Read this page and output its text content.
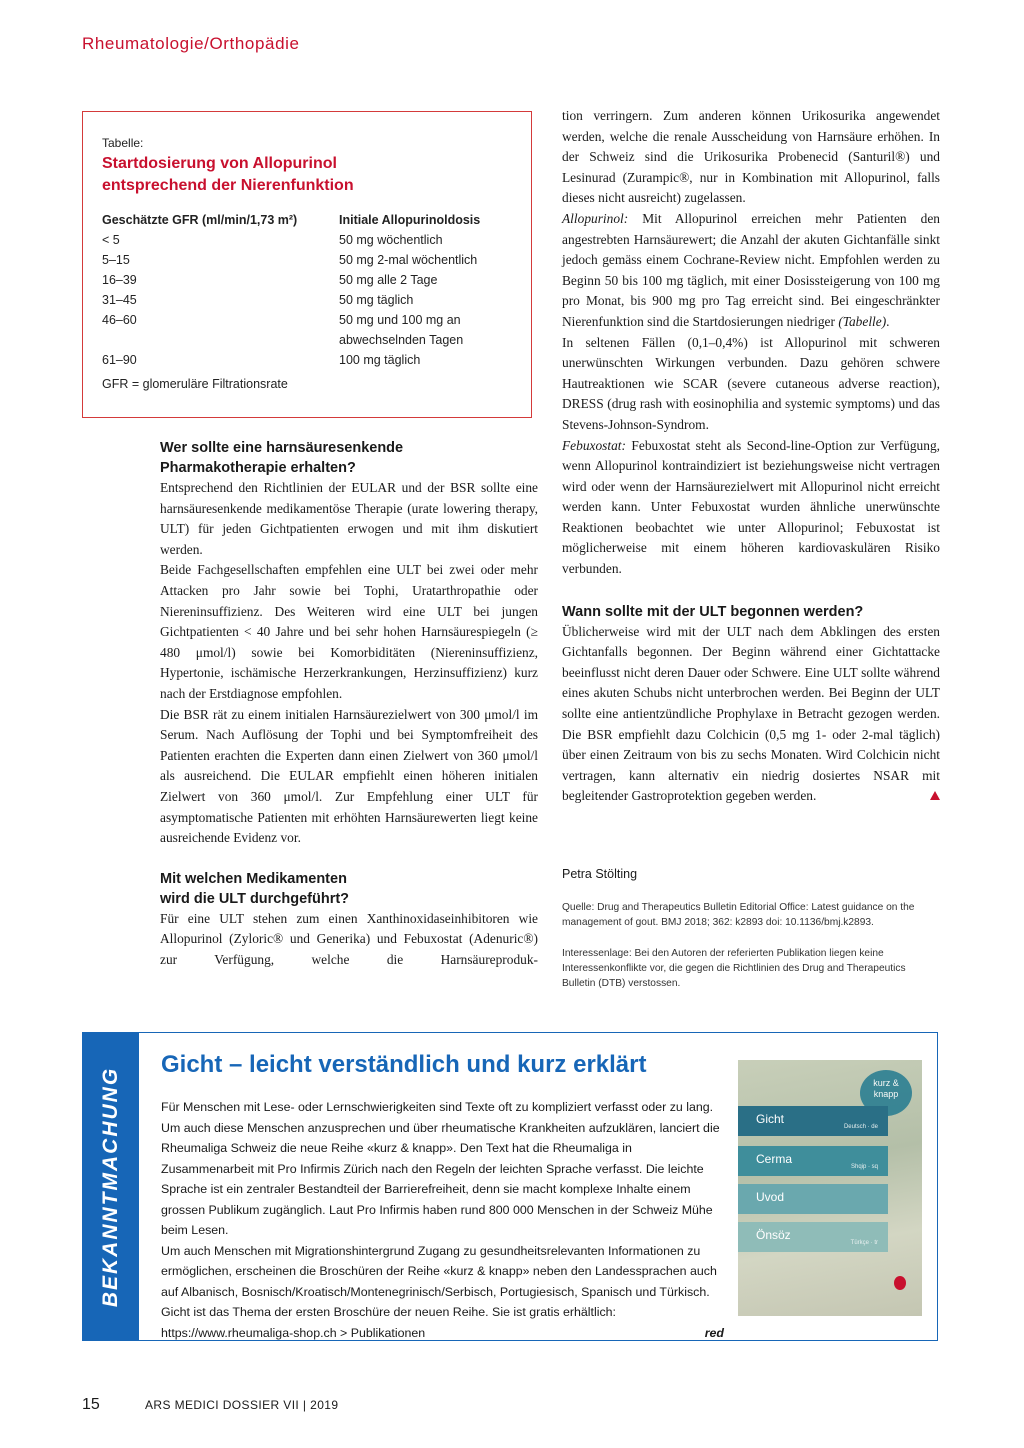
Rheumatologie/Orthopädie
Tabelle:
Startdosierung von Allopurinol
entsprechend der Nierenfunktion
Geschätzte GFR (ml/min/1,73 m²)	Initiale Allopurinoldosis
< 5	50 mg wöchentlich
5–15	50 mg 2-mal wöchentlich
16–39	50 mg alle 2 Tage
31–45	50 mg täglich
46–60	50 mg und 100 mg an
abwechselnden Tagen
61–90	100 mg täglich
GFR = glomeruläre Filtrationsrate
Wer sollte eine harnsäuresenkende
Pharmakotherapie erhalten?

Entsprechend den Richtlinien der EULAR und der BSR sollte eine harnsäuresenkende medikamentöse Therapie (urate lowering therapy, ULT) für jeden Gichtpatienten erwogen und mit ihm diskutiert werden.

Beide Fachgesellschaften empfehlen eine ULT bei zwei oder mehr Attacken pro Jahr sowie bei Tophi, Uratarthropathie oder Niereninsuffizienz. Des Weiteren wird eine ULT bei jungen Gichtpatienten < 40 Jahre und bei sehr hohen Harnsäurespiegeln (≥ 480 μmol/l) sowie bei Komorbiditäten (Niereninsuffizienz, Hypertonie, ischämische Herzerkrankungen, Herzinsuffizienz) kurz nach der Erstdiagnose empfohlen.

Die BSR rät zu einem initialen Harnsäurezielwert von 300 μmol/l im Serum. Nach Auflösung der Tophi und bei Symptomfreiheit des Patienten erachten die Experten dann einen Zielwert von 360 μmol/l als ausreichend. Die EULAR empfiehlt einen höheren initialen Zielwert von 360 μmol/l. Zur Empfehlung einer ULT für asymptomatische Patienten mit erhöhten Harnsäurewerten liegt keine ausreichende Evidenz vor.

Mit welchen Medikamenten
wird die ULT durchgeführt?

Für eine ULT stehen zum einen Xanthinoxidaseinhibitoren wie Allopurinol (Zyloric® und Generika) und Febuxostat (Adenuric®) zur Verfügung, welche die Harnsäureproduk-

tion verringern. Zum anderen können Urikosurika angewendet werden, welche die renale Ausscheidung von Harnsäure erhöhen. In der Schweiz sind die Urikosurika Probenecid (Santuril®) und Lesinurad (Zurampic®, nur in Kombination mit Allopurinol, falls dieses nicht ausreicht) zugelassen.

Allopurinol: Mit Allopurinol erreichen mehr Patienten den angestrebten Harnsäurewert; die Anzahl der akuten Gichtanfälle sinkt jedoch gemäss einem Cochrane-Review nicht. Empfohlen werden zu Beginn 50 bis 100 mg täglich, mit einer Dosissteigerung von 100 mg pro Monat, bis 900 mg pro Tag erreicht sind. Bei eingeschränkter Nierenfunktion sind die Startdosierungen niedriger (Tabelle).

In seltenen Fällen (0,1–0,4%) ist Allopurinol mit schweren unerwünschten Wirkungen verbunden. Dazu gehören schwere Hautreaktionen wie SCAR (severe cutaneous adverse reaction), DRESS (drug rash with eosinophilia and systemic symptoms) und das Stevens-Johnson-Syndrom.

Febuxostat: Febuxostat steht als Second-line-Option zur Verfügung, wenn Allopurinol kontraindiziert ist beziehungsweise nicht vertragen wird oder wenn der Harnsäurezielwert mit Allopurinol nicht erreicht werden kann. Unter Febuxostat wurden ähnliche unerwünschte Reaktionen beobachtet wie unter Allopurinol; Febuxostat ist möglicherweise mit einem höheren kardiovaskulären Risiko verbunden.

Wann sollte mit der ULT begonnen werden?

Üblicherweise wird mit der ULT nach dem Abklingen des ersten Gichtanfalls begonnen. Der Beginn während einer Gichtattacke beeinflusst nicht deren Dauer oder Schwere. Eine ULT sollte während eines akuten Schubs nicht unterbrochen werden. Bei Beginn der ULT sollte eine antientzündliche Prophylaxe in Betracht gezogen werden. Die BSR empfiehlt dazu Colchicin (0,5 mg 1- oder 2-mal täglich) über einen Zeitraum von bis zu sechs Monaten. Wird Colchicin nicht vertragen, kann alternativ ein niedrig dosiertes NSAR mit begleitender Gastroprotektion gegeben werden.

Petra Stölting
Quelle: Drug and Therapeutics Bulletin Editorial Office: Latest guidance on the management of gout. BMJ 2018; 362: k2893 doi: 10.1136/bmj.k2893.
Interessenlage: Bei den Autoren der referierten Publikation liegen keine Interessenkonflikte vor, die gegen die Richtlinien des Drug and Therapeutics Bulletin (DTB) verstossen.
BEKANNTMACHUNG
Gicht – leicht verständlich und kurz erklärt

Für Menschen mit Lese- oder Lernschwierigkeiten sind Texte oft zu kompliziert verfasst oder zu lang. Um auch diese Menschen anzusprechen und über rheumatische Krankheiten aufzuklären, lanciert die Rheumaliga Schweiz die neue Reihe «kurz & knapp». Den Text hat die Rheumaliga in Zusammenarbeit mit Pro Infirmis Zürich nach den Regeln der leichten Sprache verfasst. Die leichte Sprache ist ein zentraler Bestandteil der Barrierefreiheit, denn sie macht komplexe Inhalte einem grossen Publikum zugänglich. Laut Pro Infirmis haben rund 800 000 Menschen in der Schweiz Mühe beim Lesen.

Um auch Menschen mit Migrationshintergrund Zugang zu gesundheitsrelevanten Informationen zu ermöglichen, erscheinen die Broschüren der Reihe «kurz & knapp» neben den Landessprachen auch auf Albanisch, Bosnisch/Kroatisch/Montenegrinisch/Serbisch, Portugiesisch, Spanisch und Türkisch. Gicht ist das Thema der ersten Broschüre der neuen Reihe. Sie ist gratis erhältlich:

https://www.rheumaliga-shop.ch > Publikationen	red

kurz & knapp
Gicht
Deutsch · de
Cerma
Shqip · sq
Uvod
Önsöz
Türkçe · tr
15	ARS MEDICI DOSSIER VII | 2019
